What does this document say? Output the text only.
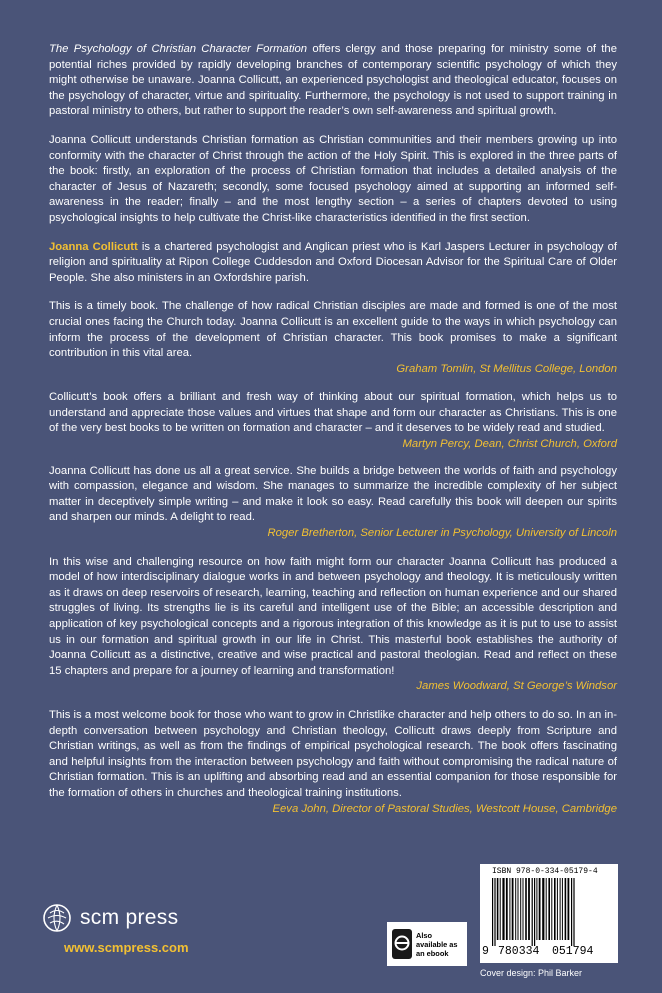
The Psychology of Christian Character Formation offers clergy and those preparing for ministry some of the potential riches provided by rapidly developing branches of contemporary scientific psychology of which they might otherwise be unaware. Joanna Collicutt, an experienced psychologist and theological educator, focuses on the psychology of character, virtue and spirituality. Furthermore, the psychology is not used to support training in pastoral ministry to others, but rather to support the reader’s own self-awareness and spiritual growth.

Joanna Collicutt understands Christian formation as Christian communities and their members growing up into conformity with the character of Christ through the action of the Holy Spirit. This is explored in the three parts of the book: firstly, an exploration of the process of Christian formation that includes a detailed analysis of the character of Jesus of Nazareth; secondly, some focused psychology aimed at supporting an informed self-awareness in the reader; finally – and the most lengthy section – a series of chapters devoted to using psychological insights to help cultivate the Christ-like characteristics identified in the first section.

Joanna Collicutt is a chartered psychologist and Anglican priest who is Karl Jaspers Lecturer in psychology of religion and spirituality at Ripon College Cuddesdon and Oxford Diocesan Advisor for the Spiritual Care of Older People. She also ministers in an Oxfordshire parish.

This is a timely book. The challenge of how radical Christian disciples are made and formed is one of the most crucial ones facing the Church today. Joanna Collicutt is an excellent guide to the ways in which psychology can inform the process of the development of Christian character. This book promises to make a significant contribution in this vital area.

Graham Tomlin, St Mellitus College, London

Collicutt’s book offers a brilliant and fresh way of thinking about our spiritual formation, which helps us to understand and appreciate those values and virtues that shape and form our character as Christians. This is one of the very best books to be written on formation and character – and it deserves to be widely read and studied.

Martyn Percy, Dean, Christ Church, Oxford

Joanna Collicutt has done us all a great service. She builds a bridge between the worlds of faith and psychology with compassion, elegance and wisdom. She manages to summarize the incredible complexity of her subject matter in deceptively simple writing – and make it look so easy. Read carefully this book will deepen our spirits and sharpen our minds. A delight to read.

Roger Bretherton, Senior Lecturer in Psychology, University of Lincoln

In this wise and challenging resource on how faith might form our character Joanna Collicutt has produced a model of how interdisciplinary dialogue works in and between psychology and theology. It is meticulously written as it draws on deep reservoirs of research, learning, teaching and reflection on human experience and our shared struggles of living. Its strengths lie is its careful and intelligent use of the Bible; an accessible description and application of key psychological concepts and a rigorous integration of this knowledge as it is put to use to assist us in our formation and spiritual growth in our life in Christ. This masterful book establishes the authority of Joanna Collicutt as a distinctive, creative and wise practical and pastoral theologian. Read and reflect on these 15 chapters and prepare for a journey of learning and transformation!

James Woodward, St George’s Windsor

This is a most welcome book for those who want to grow in Christlike character and help others to do so. In an in-depth conversation between psychology and Christian theology, Collicutt draws deeply from Scripture and Christian writings, as well as from the findings of empirical psychological research. The book offers fascinating and helpful insights from the interaction between psychology and faith without compromising the radical nature of Christian formation. This is an uplifting and absorbing read and an essential companion for those responsible for the formation of others in churches and theological training institutions.

Eeva John, Director of Pastoral Studies, Westcott House, Cambridge

scm press
www.scmpress.com
Also available as an ebook	9 780334 051794
ISBN 978-0-334-05179-4
Cover design: Phil Barker
